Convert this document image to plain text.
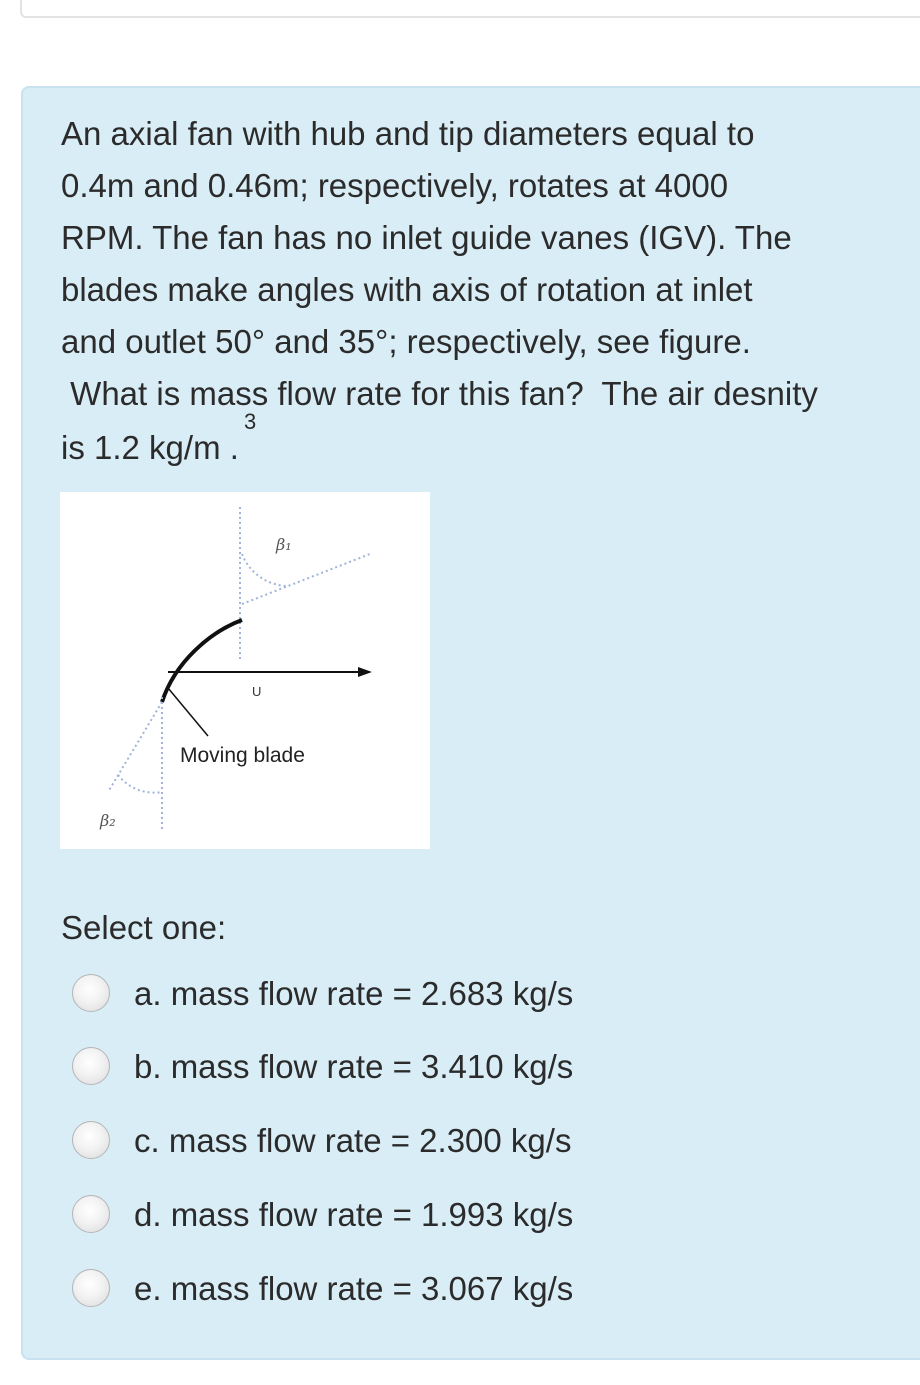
An axial fan with hub and tip diameters equal to
0.4m and 0.46m; respectively, rotates at 4000
RPM. The fan has no inlet guide vanes (IGV). The
blades make angles with axis of rotation at inlet
and outlet 50° and 35°; respectively, see figure.
What is mass flow rate for this fan?  The air desnity
is 1.2 kg/m .
3
β₁
U
Moving blade
β₂
Select one:
a. mass flow rate = 2.683 kg/s
b. mass flow rate = 3.410 kg/s
c. mass flow rate = 2.300 kg/s
d. mass flow rate = 1.993 kg/s
e. mass flow rate = 3.067 kg/s
